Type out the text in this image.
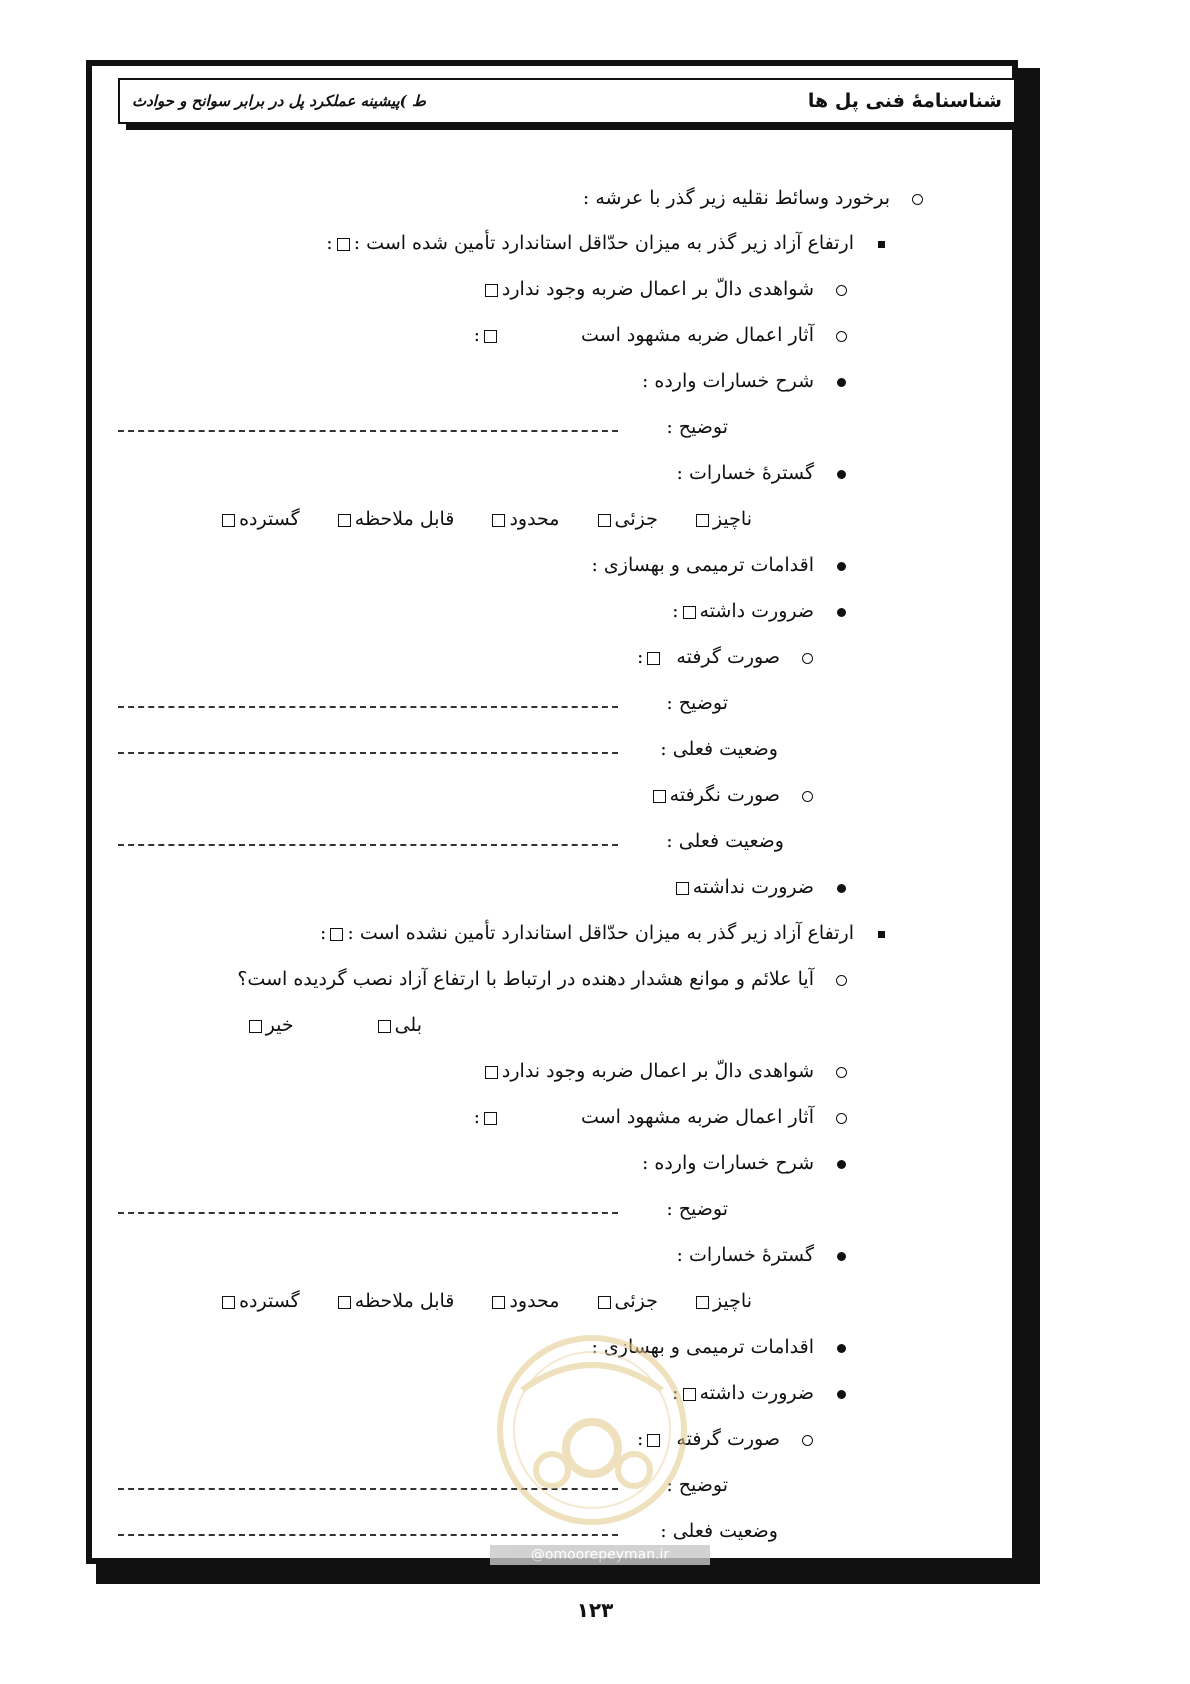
شناسنامهٔ فنی پل ها
ط )پیشینه عملکرد پل در برابر سوانح و حوادث
برخورد وسائط نقلیه زیر گذر با عرشه :
ارتفاع آزاد زیر گذر به میزان حدّاقل استاندارد تأمین شده است ::
شواهدی دالّ بر اعمال ضربه وجود ندارد
آثار اعمال ضربه مشهود است:
شرح خسارات وارده :
توضیح :
گسترهٔ خسارات :
ناچیز جزئی محدود قابل ملاحظه گسترده
اقدامات ترمیمی و بهسازی :
ضرورت داشته:
صورت گرفته:
توضیح :
وضعیت فعلی :
صورت نگرفته
وضعیت فعلی :
ضرورت نداشته
ارتفاع آزاد زیر گذر به میزان حدّاقل استاندارد تأمین نشده است ::
آیا علائم و موانع هشدار دهنده در ارتباط با ارتفاع آزاد نصب گردیده است؟
بلیخیر
شواهدی دالّ بر اعمال ضربه وجود ندارد
آثار اعمال ضربه مشهود است:
شرح خسارات وارده :
توضیح :
گسترهٔ خسارات :
ناچیز جزئی محدود قابل ملاحظه گسترده
اقدامات ترمیمی و بهسازی :
ضرورت داشته:
صورت گرفته:
توضیح :
وضعیت فعلی :
@omoorepeyman.ir
۱۲۳
